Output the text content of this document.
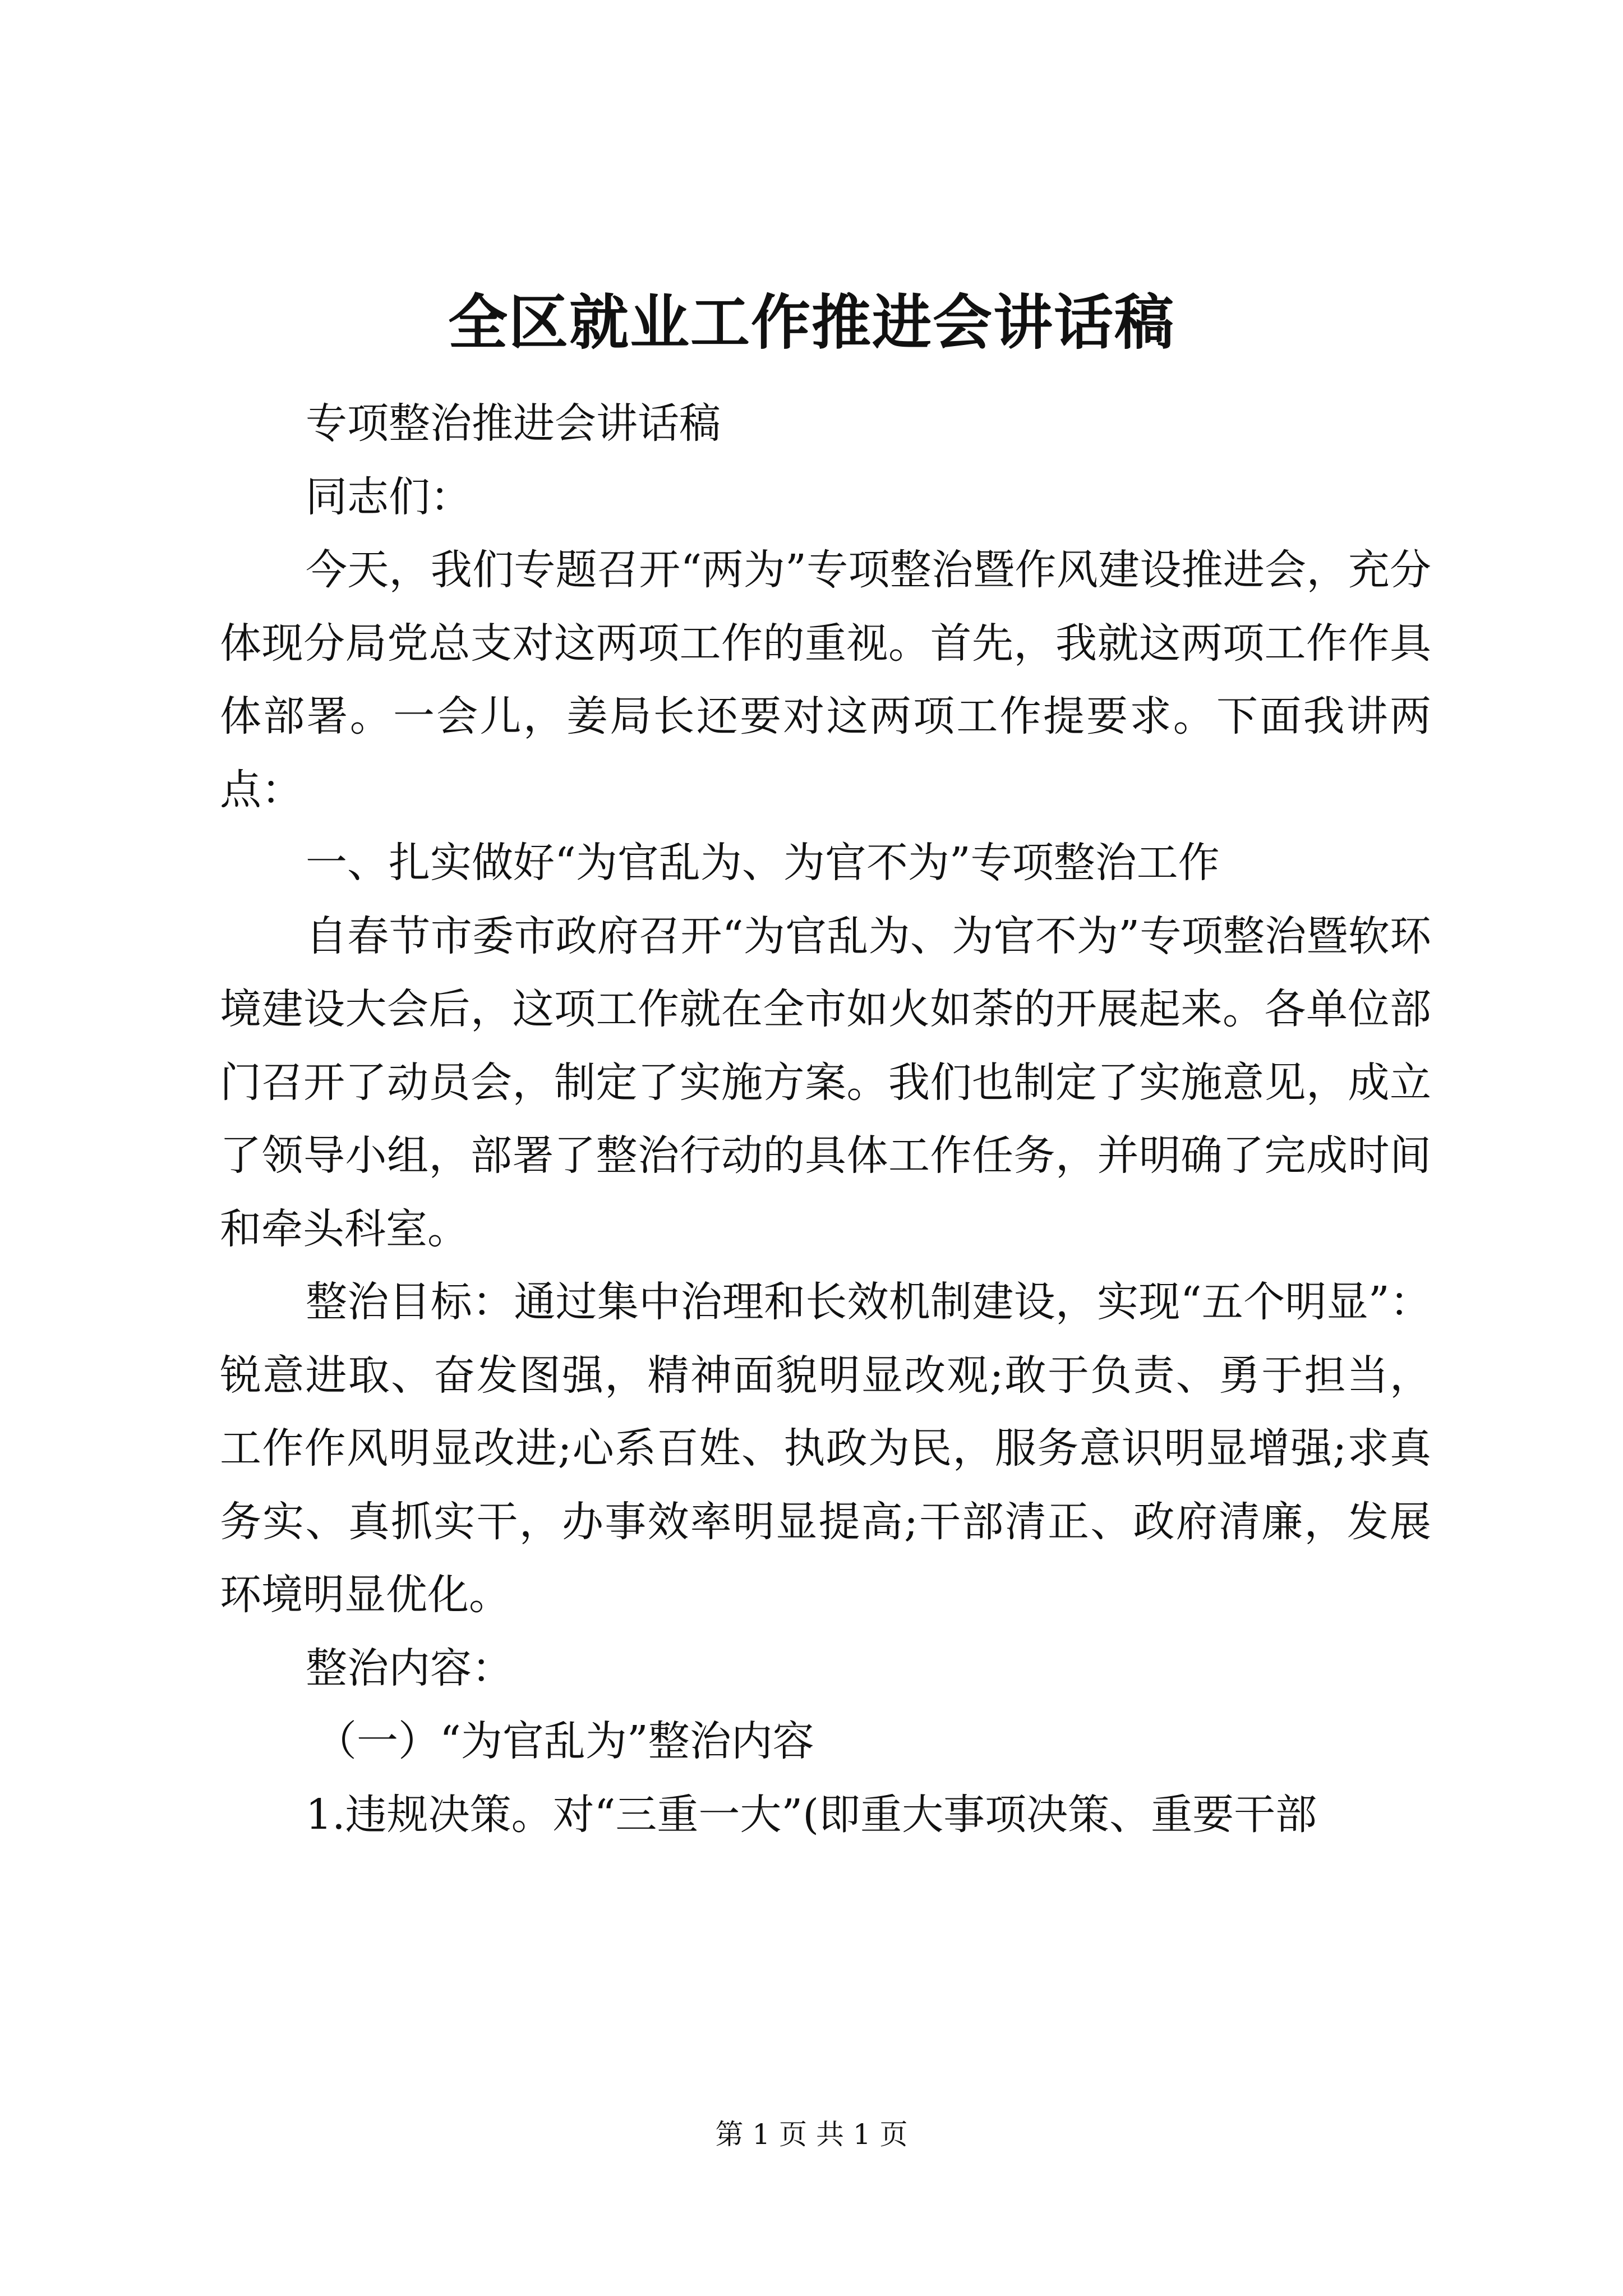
全区就业工作推进会讲话稿

专项整治推进会讲话稿

同志们：

今天，我们专题召开“两为”专项整治暨作风建设推进会，充分体现分局党总支对这两项工作的重视。首先，我就这两项工作作具体部署。一会儿，姜局长还要对这两项工作提要求。下面我讲两点：

一、扎实做好“为官乱为、为官不为”专项整治工作

自春节市委市政府召开“为官乱为、为官不为”专项整治暨软环境建设大会后，这项工作就在全市如火如荼的开展起来。各单位部门召开了动员会，制定了实施方案。我们也制定了实施意见，成立了领导小组，部署了整治行动的具体工作任务，并明确了完成时间和牵头科室。

整治目标：通过集中治理和长效机制建设，实现“五个明显”：锐意进取、奋发图强，精神面貌明显改观;敢于负责、勇于担当，工作作风明显改进;心系百姓、执政为民，服务意识明显增强;求真务实、真抓实干，办事效率明显提高;干部清正、政府清廉，发展环境明显优化。

整治内容：

（一）“为官乱为”整治内容

1.违规决策。对“三重一大”(即重大事项决策、重要干部

第 1 页 共 1 页
